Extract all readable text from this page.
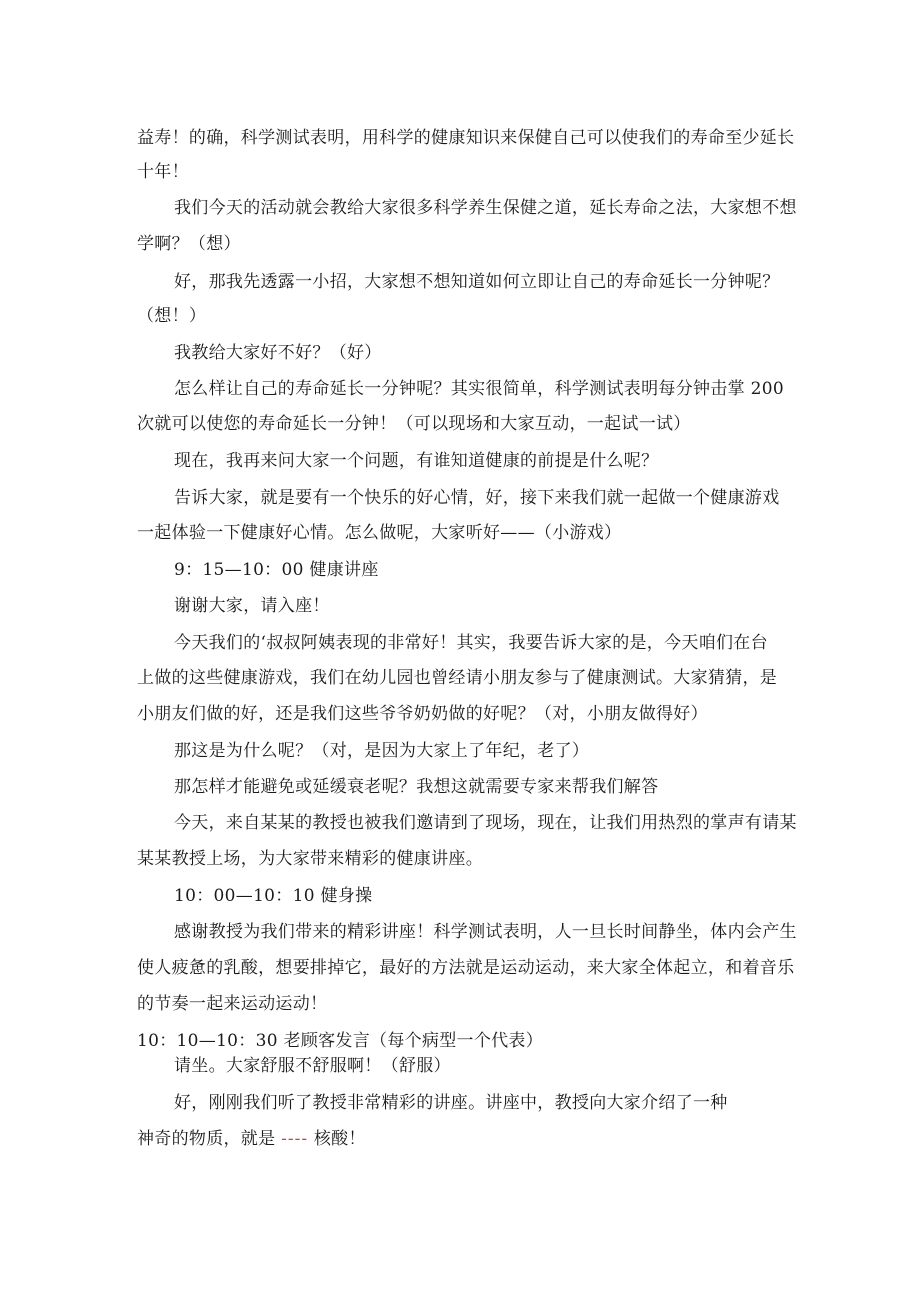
益寿！的确，科学测试表明，用科学的健康知识来保健自己可以使我们的寿命至少延长
十年！
我们今天的活动就会教给大家很多科学养生保健之道，延长寿命之法，大家想不想
学啊？（想）
好，那我先透露一小招，大家想不想知道如何立即让自己的寿命延长一分钟呢？
（想！）
我教给大家好不好？（好）
怎么样让自己的寿命延长一分钟呢？其实很简单，科学测试表明每分钟击掌 200
次就可以使您的寿命延长一分钟！（可以现场和大家互动，一起试一试）
现在，我再来问大家一个问题，有谁知道健康的前提是什么呢？
告诉大家，就是要有一个快乐的好心情，好，接下来我们就一起做一个健康游戏
一起体验一下健康好心情。怎么做呢，大家听好——（小游戏）
9：15—10：00 健康讲座
谢谢大家，请入座！
今天我们的‘叔叔阿姨表现的非常好！其实，我要告诉大家的是，今天咱们在台
上做的这些健康游戏，我们在幼儿园也曾经请小朋友参与了健康测试。大家猜猜，是
小朋友们做的好，还是我们这些爷爷奶奶做的好呢？（对，小朋友做得好）
那这是为什么呢？（对，是因为大家上了年纪，老了）
那怎样才能避免或延缓衰老呢？我想这就需要专家来帮我们解答
今天，来自某某的教授也被我们邀请到了现场，现在，让我们用热烈的掌声有请某
某某教授上场，为大家带来精彩的健康讲座。
10：00—10：10 健身操
感谢教授为我们带来的精彩讲座！科学测试表明，人一旦长时间静坐，体内会产生
使人疲惫的乳酸，想要排掉它，最好的方法就是运动运动，来大家全体起立，和着音乐
的节奏一起来运动运动！
10：10—10：30 老顾客发言（每个病型一个代表）
请坐。大家舒服不舒服啊！（舒服）
好，刚刚我们听了教授非常精彩的讲座。讲座中，教授向大家介绍了一种
神奇的物质，就是 ---- 核酸！
